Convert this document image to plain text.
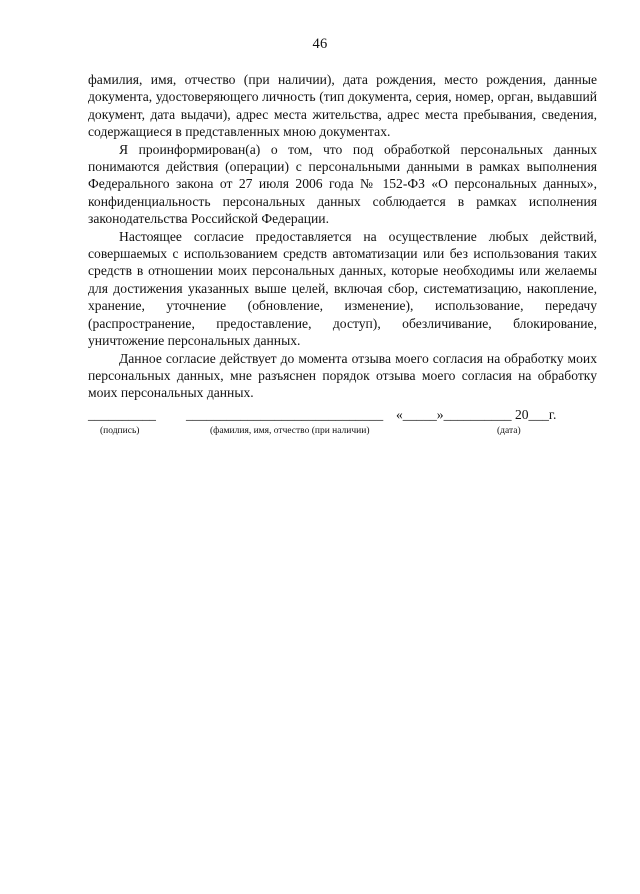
46

фамилия, имя, отчество (при наличии), дата рождения, место рождения, данные документа, удостоверяющего личность (тип документа, серия, номер, орган, выдавший документ, дата выдачи), адрес места жительства, адрес места пребывания, сведения, содержащиеся в представленных мною документах.

Я проинформирован(а) о том, что под обработкой персональных данных понимаются действия (операции) с персональными данными в рамках выполнения Федерального закона от 27 июля 2006 года № 152-ФЗ «О персональных данных», конфиденциальность персональных данных соблюдается в рамках исполнения законодательства Российской Федерации.

Настоящее согласие предоставляется на осуществление любых действий, совершаемых с использованием средств автоматизации или без использования таких средств в отношении моих персональных данных, которые необходимы или желаемы для достижения указанных выше целей, включая сбор, систематизацию, накопление, хранение, уточнение (обновление, изменение), использование, передачу (распространение, предоставление, доступ), обезличивание, блокирование, уничтожение персональных данных.

Данное согласие действует до момента отзыва моего согласия на обработку моих персональных данных, мне разъяснен порядок отзыва моего согласия на обработку моих персональных данных.

__________ _____________________________ «_____»__________ 20___г.
(подпись)	(фамилия, имя, отчество (при наличии)	(дата)
